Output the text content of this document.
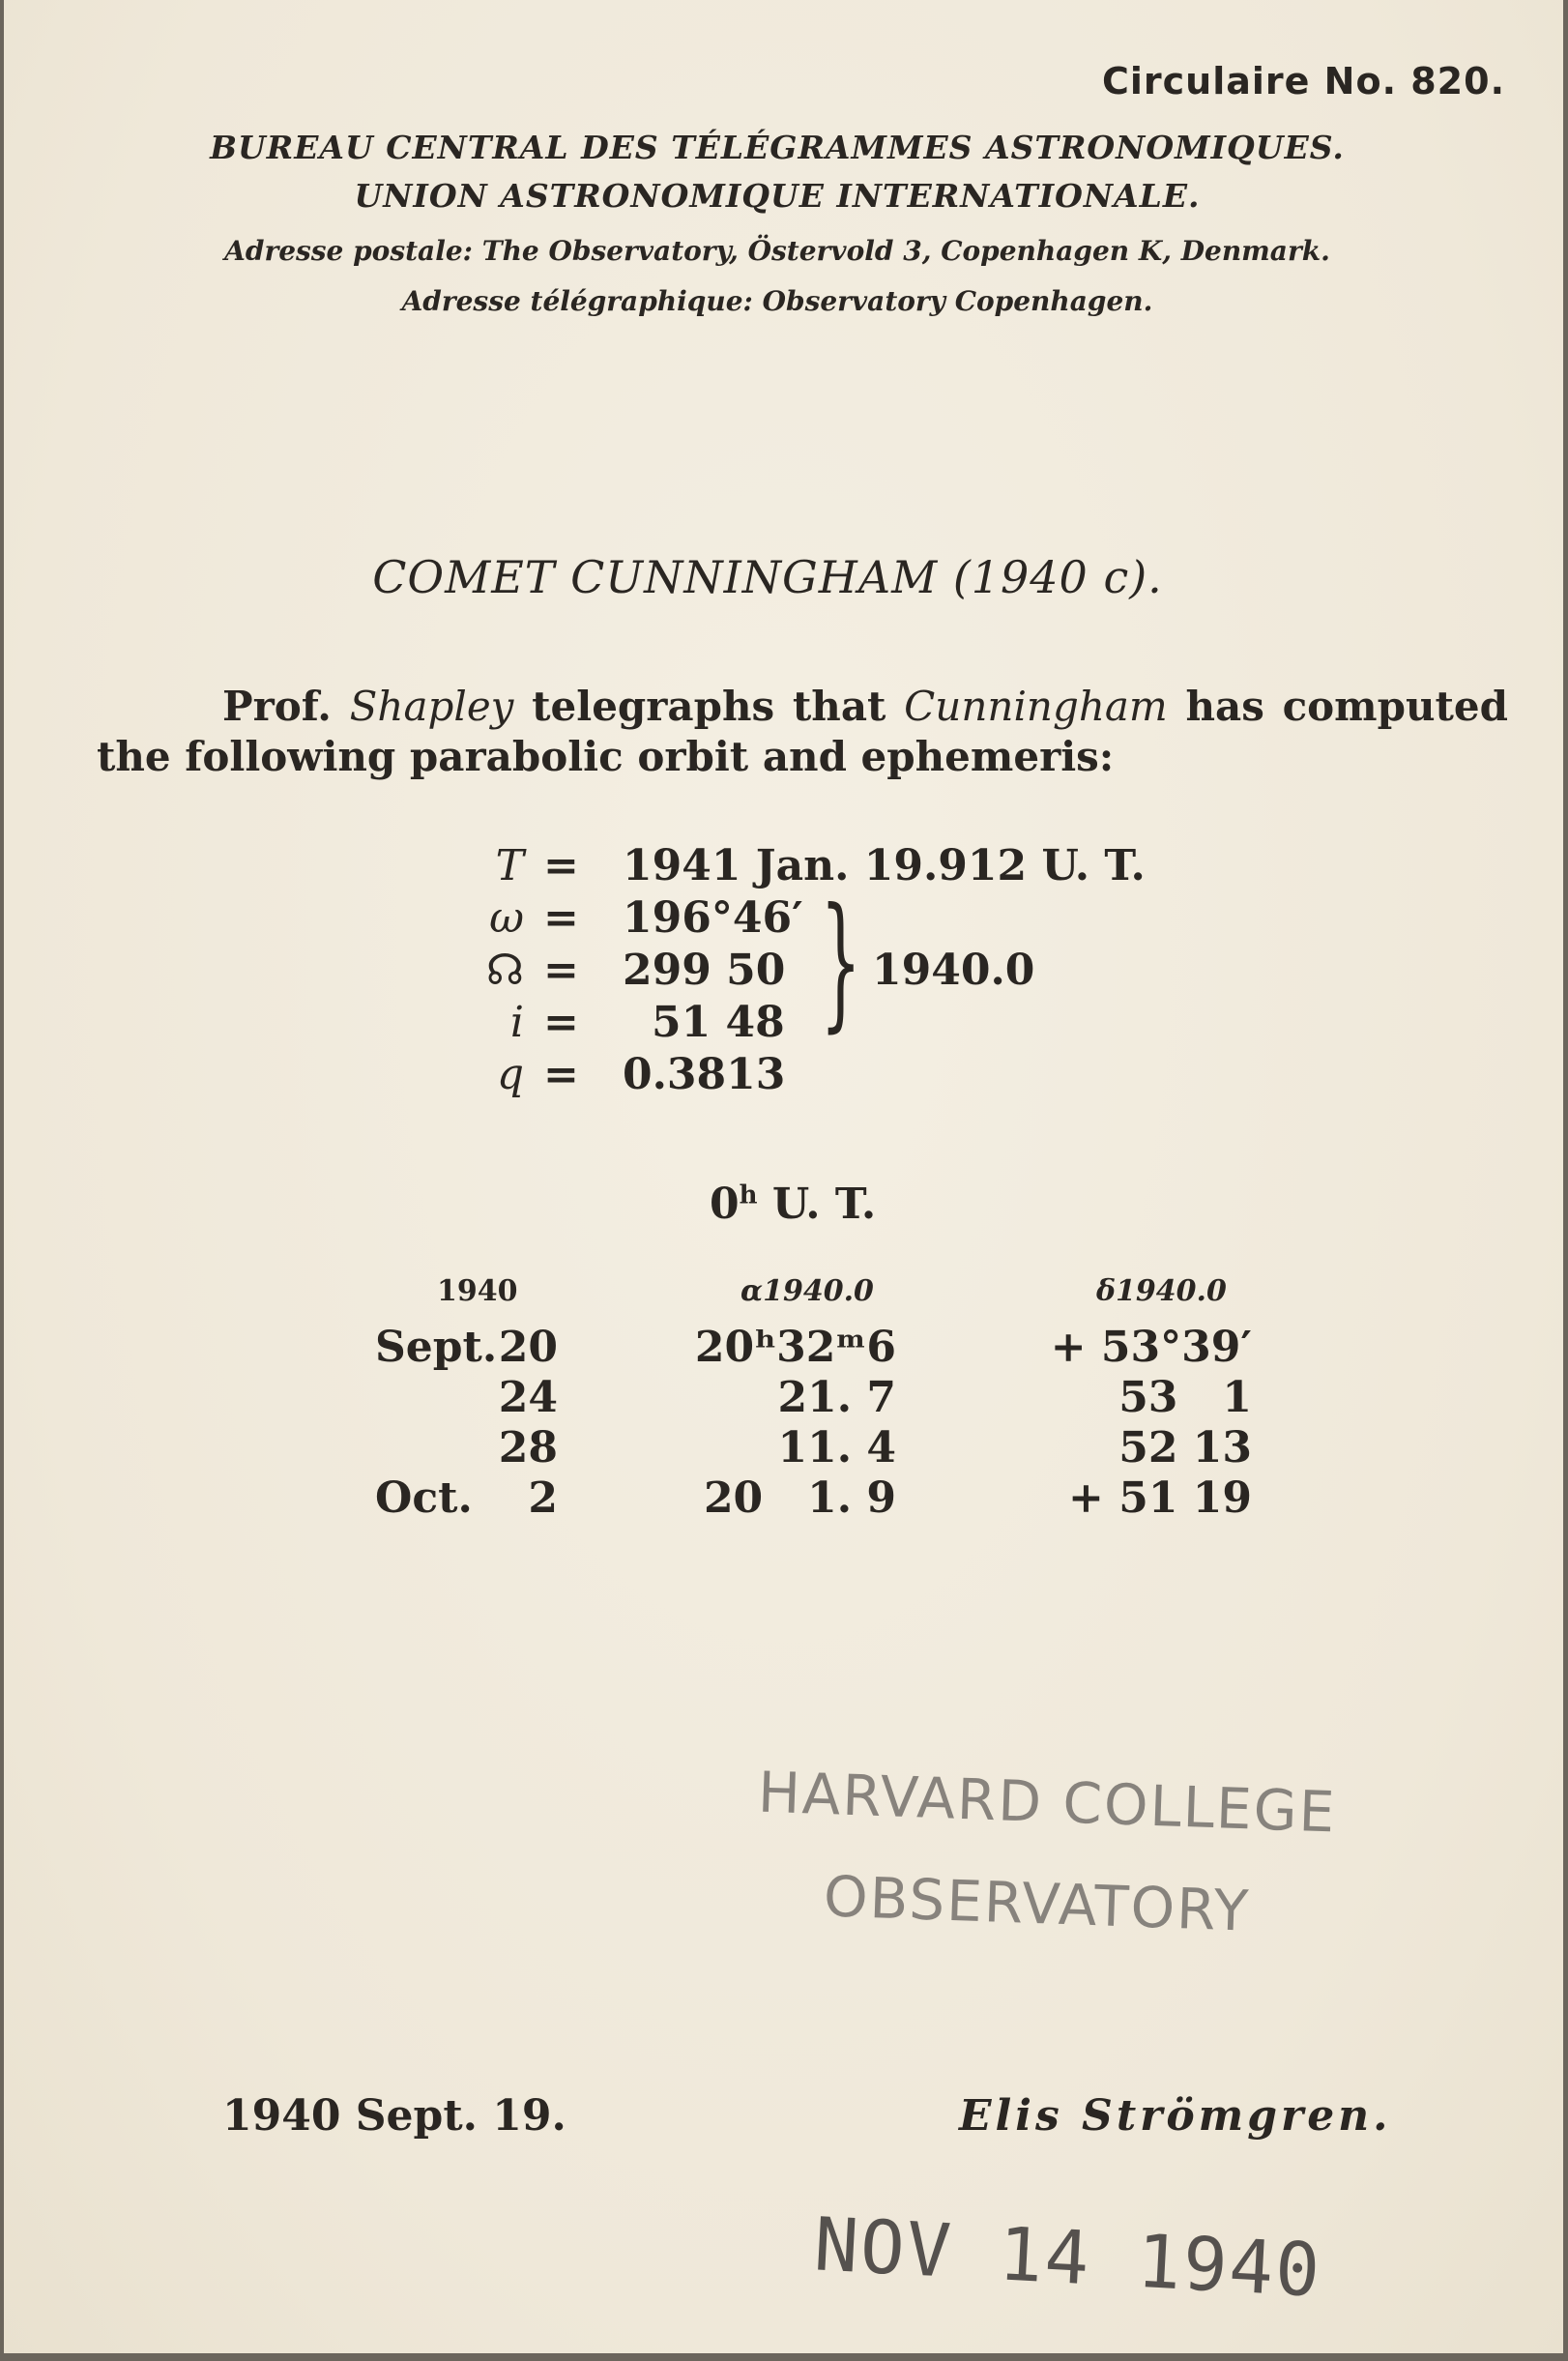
Circulaire No. 820.
BUREAU CENTRAL DES TÉLÉGRAMMES ASTRONOMIQUES.
UNION ASTRONOMIQUE INTERNATIONALE.
Adresse postale: The Observatory, Östervold 3, Copenhagen K, Denmark.
Adresse télégraphique: Observatory Copenhagen.
COMET CUNNINGHAM (1940 c).
Prof. Shapley telegraphs that Cunningham has computed the following parabolic orbit and ephemeris:
T = 1941 Jan. 19.912 U. T.
ω = 196°46′
☊ = 299 50
i = 51 48
q = 0.3813
} 1940.0
0$^h$ U. T.
1940	α1940.0	δ1940.0
Sept. 20	20ʰ32ᵐ6	+ 53°39′
24	21. 7	53   1
28	11. 4	52 13
Oct. 2	20   1. 9	+ 51 19
HARVARD COLLEGE
OBSERVATORY
1940 Sept. 19.	Elis Strömgren.
NOV 14 1940
